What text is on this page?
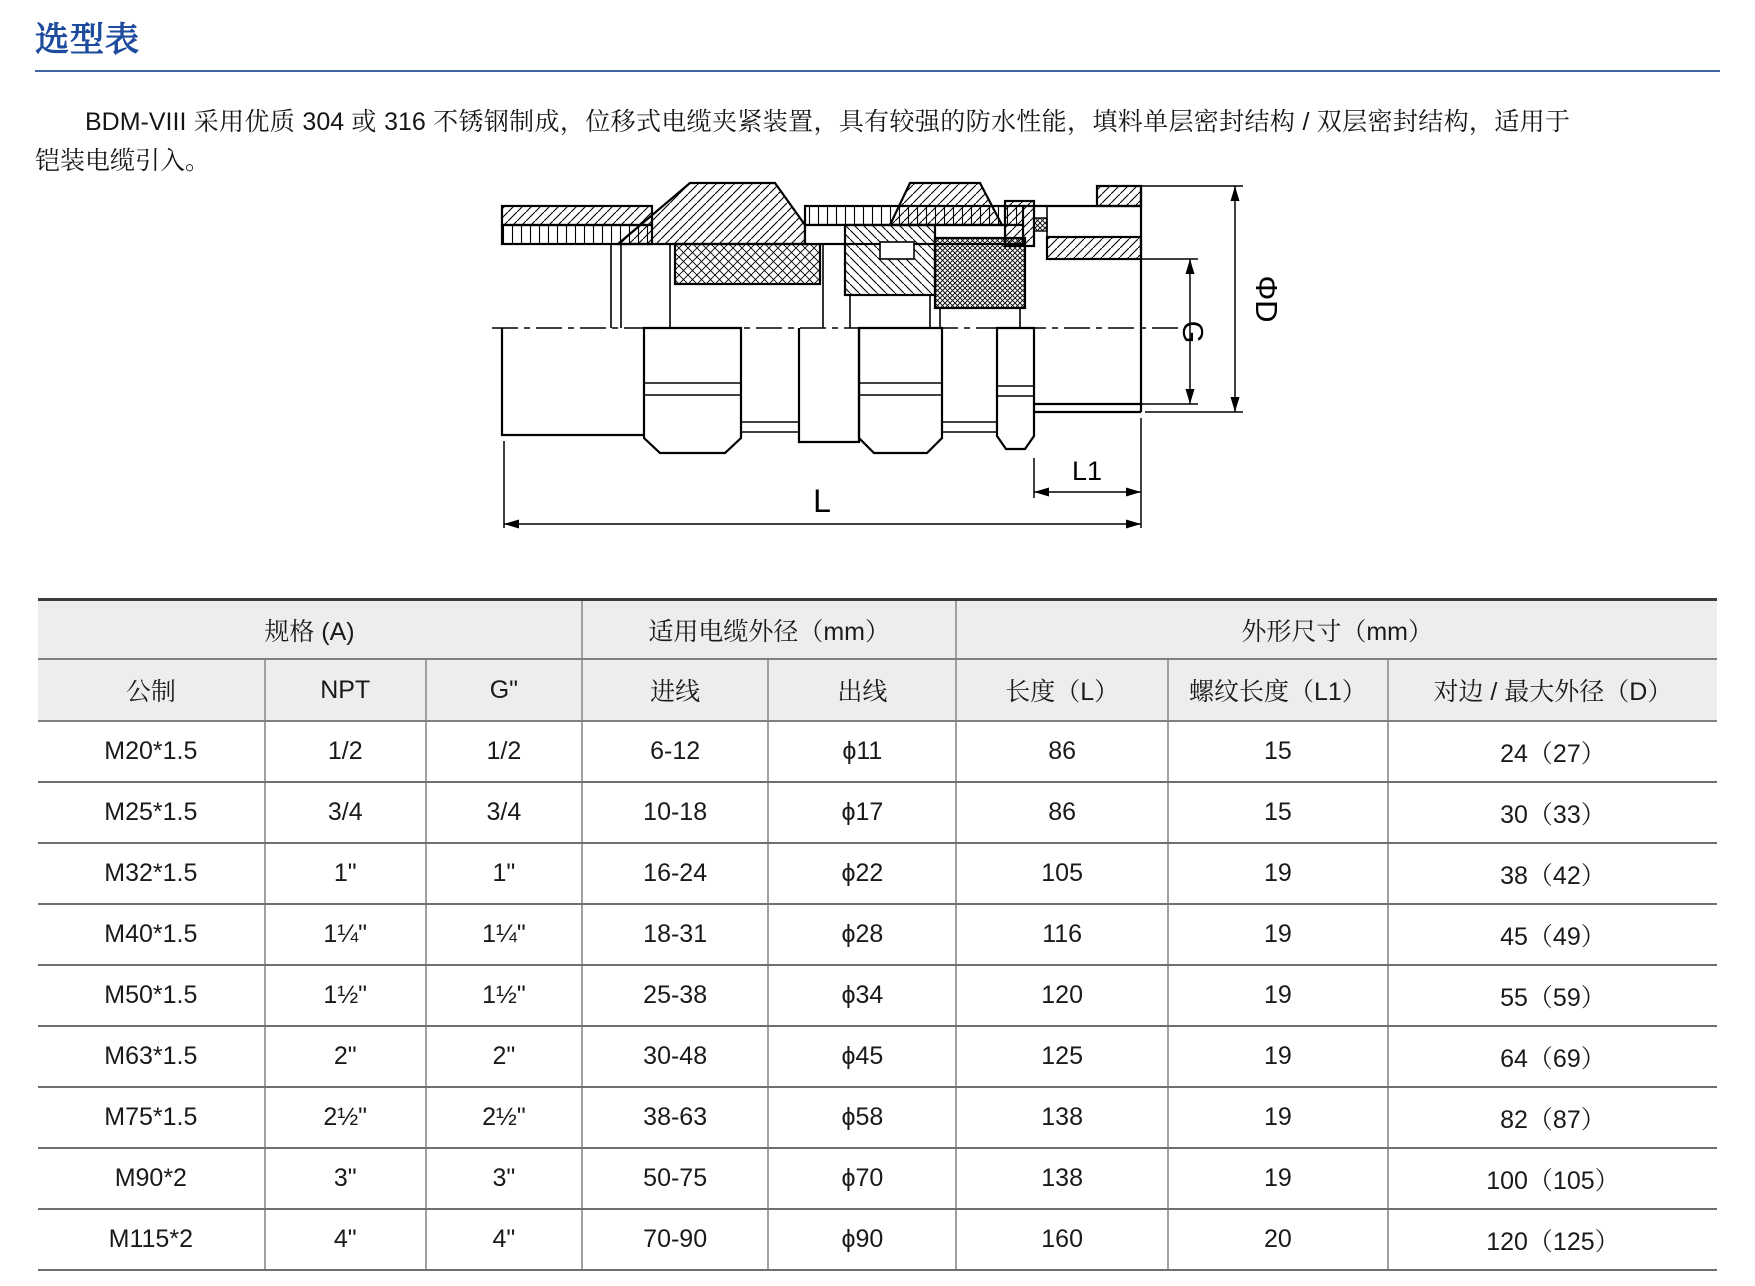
选型表

BDM-VIII 采用优质 304 或 316 不锈钢制成，位移式电缆夹紧装置，具有较强的防水性能，填料单层密封结构 / 双层密封结构，适用于铠装电缆引入。

L
L1
G
ΦD
规格 (A)			适用电缆外径（mm）		外形尺寸（mm）		
公制	NPT	G"	进线	出线	长度（L）	螺纹长度（L1）	对边 / 最大外径（D）
M20*1.5	1/2	1/2	6-12	ϕ11	86	15	24（27）
M25*1.5	3/4	3/4	10-18	ϕ17	86	15	30（33）
M32*1.5	1"	1"	16-24	ϕ22	105	19	38（42）
M40*1.5	1¼"	1¼"	18-31	ϕ28	116	19	45（49）
M50*1.5	1½"	1½"	25-38	ϕ34	120	19	55（59）
M63*1.5	2"	2"	30-48	ϕ45	125	19	64（69）
M75*1.5	2½"	2½"	38-63	ϕ58	138	19	82（87）
M90*2	3"	3"	50-75	ϕ70	138	19	100（105）
M115*2	4"	4"	70-90	ϕ90	160	20	120（125）
